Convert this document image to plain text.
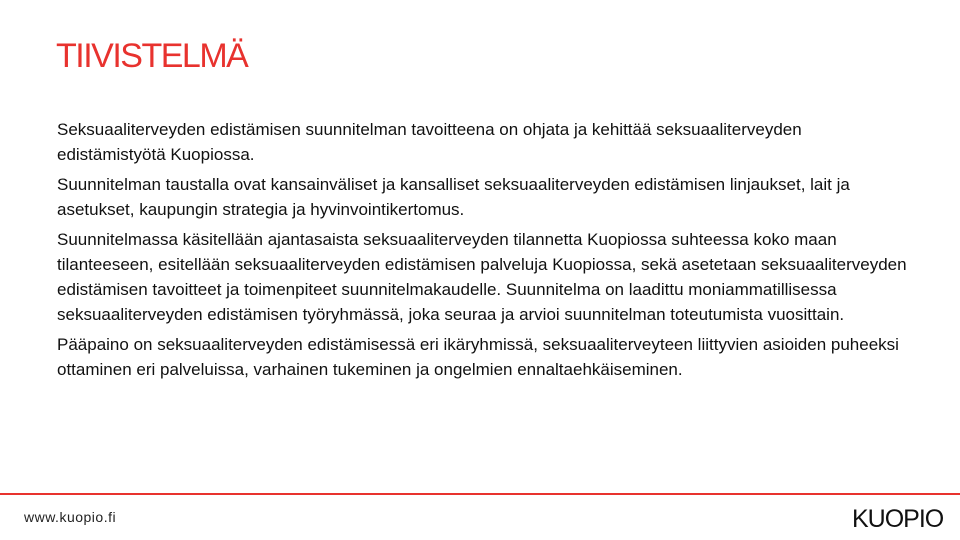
TIIVISTELMÄ

Seksuaaliterveyden edistämisen suunnitelman tavoitteena on ohjata ja kehittää seksuaaliterveyden edistämistyötä Kuopiossa.

Suunnitelman taustalla ovat kansainväliset ja kansalliset seksuaaliterveyden edistämisen linjaukset, lait ja asetukset, kaupungin strategia ja hyvinvointikertomus.

Suunnitelmassa käsitellään ajantasaista seksuaaliterveyden tilannetta Kuopiossa suhteessa koko maan tilanteeseen, esitellään seksuaaliterveyden edistämisen palveluja Kuopiossa, sekä asetetaan seksuaaliterveyden edistämisen tavoitteet ja toimenpiteet suunnitelmakaudelle. Suunnitelma on laadittu moniammatillisessa seksuaaliterveyden edistämisen työryhmässä, joka seuraa ja arvioi suunnitelman toteutumista vuosittain.

Pääpaino on seksuaaliterveyden edistämisessä eri ikäryhmissä, seksuaaliterveyteen liittyvien asioiden puheeksi ottaminen eri palveluissa, varhainen tukeminen ja ongelmien ennaltaehkäiseminen.

www.kuopio.fi	KUOPIO
